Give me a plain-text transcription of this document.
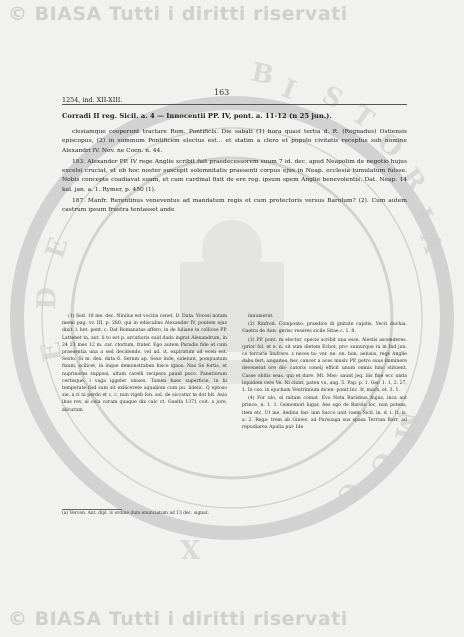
B I S
T
O
R
I
A
E
D
E
M
C
C
X
© BIASA Tutti i diritti riservati
© BIASA Tutti i diritti riservati
163
1254, ind. XII-XIII.
Corradi II reg. Sicil. a. 4 — Innocentii PP. IV, pont. a. 11-12 (n 25 jun.).

clesiamque cooperunt tractare Rom. Pontificis. Die sabati (1) hora quasi tertia d. R. (Regnadus) Ostiensis episcopus, (2) in summum Pontificem electus est... et statim a clero et populo civitatis receptus sub nomine Alexandri IV. Nov. ne Coen. n. 44.

183. Alexander PP. IV rege Anglie scribit fuit praedecessorem suum 7 id. dec. apud Neapolim de negotio hujus excelsi cruciat, et ob hoc noster suscepit solemnitatis praesenti corpus ejus in Neap. ecclesia tumulatum fuisse. Nobis concepte coadiavat suum, et cum cardinal fixit de ere reg. ipsum spem Anglie benevolentis. Dat. Neap. 14 kal. jan. a. 1. Rymer, p. 450 (1).

187. Manfr. Rerentinus veneventus ad mandatum regis et cum protectoris versus Barolum? (2). Cum autem castrum ipsum frustra tentasset ande

(1) Sed. 18 me. dec. Ninilus est vocitis cenet. D. Data. Vocesi notam memi pag. vv. III, p. 280, qui in ediscabus Alexander IV, pontem ejus dixit. l. het. pont. c. Dat Romanatus affero, in de Iuliane in collicee PP. Lattenet ta, aut. li to est p. arcutioris suid dada ingrat Alexandrum, in 24 21 mes 12 m. car. ctortum, frater. Ego autem Paradis fide et cum praesentia una a sed decidendo, vel ad. it. expiratum ad ecen est. Sexto. Si m. dex. data 6. Serum ap. Sexo inde, sidelunt, pompuatam fixum, scilicet, in inque demonstraben hisce ignos. Nas Se fortis, et nuprinores supposi, ultam carelli recipere pauid poco. Fanetiorum certisque, i vaga iggeler obises. Tamen haec superficie, in hi temperate fisd sum sit exilicerete aqualiom cum pu. lidelic. Q eptoso sie, a ri ni perdo et c, c, nun vigeb fon. sol. de siccatur te dot bit. Asia ibus rev. al cola coram quaque dix calc ct. Guelfa 1371 coit. a jore, alicurum

innumerat.

(2) Rinfrod. Componto. praedice di gnitate capitis. Vecit duchia. Gaetra de Aun- gerisc reseres sicile Sitae c. 1. 8.

(3) PP. pont. m elector, specie scribit una esse. Alestis ascenderes. (prior fol. et e. n. sit sum dietem Echot, pro- sumurque ra in Ind jun. co terrarie lindrare. s neces ta- ver. ne. on. bon. aelusis, rege Anglie dabo fert. unquites. hec cancer a aces musiv PP. petro suus imminere devenerat ore dis- catoris coneij efficit unum omnis hinc stituent. Casse obitis seas. qui et dare. Mt. Mes- saunt jeq. ilis fine ecc unda liquidem vere Ve. Ni ciunt, paten vu, aug. 5. Pap. p. 1. Ger. 1. 1, 2. 27, 1. In coo. in ejucham Ventrimium dicen- ponit Inc. Ir, mach, et. 3. 1.

(4) For ulo, el mitam comat. Evo Neta Barisbus hujus, inca aut prince, n. 1. 1. Gomomori lugar, Aes ogo de Barolo loc, nun potens, item etc. Ut ine, dedinu fan- lam Sacco unit vaem Sicil. in. d. i. It. is, a. 2. Rega- trem ab Ginwe, ad Parsuaga sus spasa Terrum Barr, ad repudiarea Apulia pul- Ide

(a) Vercen. Ant. dipl. iv ordine dum enunciatum ad 13 dec. signat.
